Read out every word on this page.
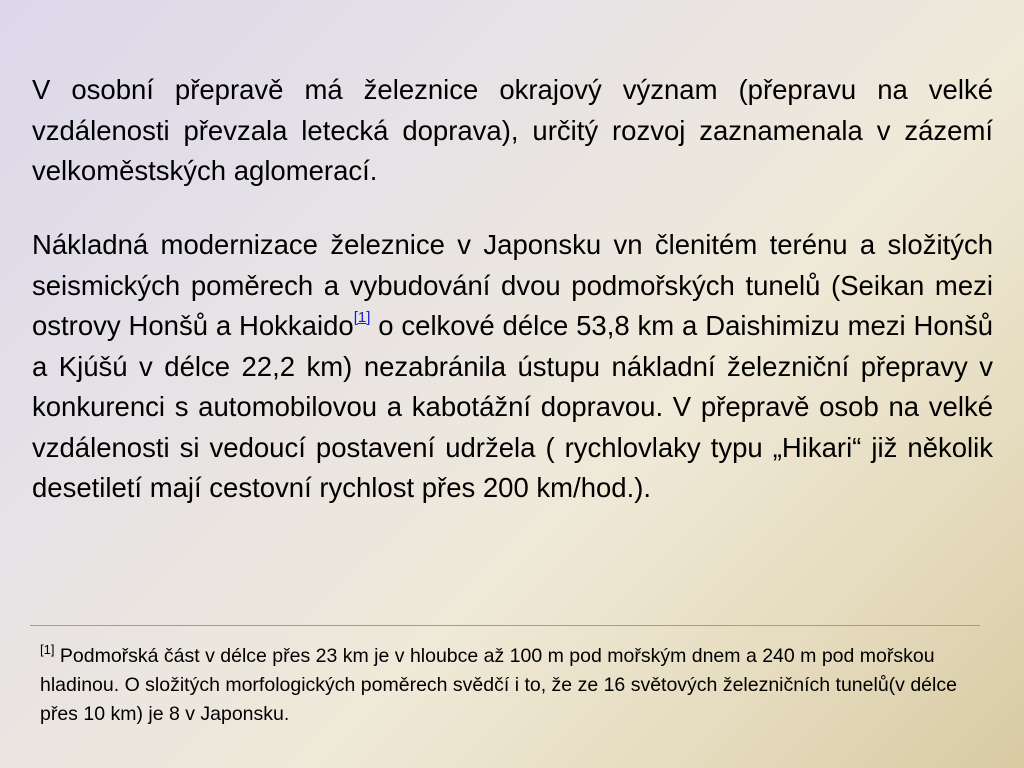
V osobní přepravě má železnice okrajový význam (přepravu na velké vzdálenosti převzala letecká doprava), určitý rozvoj zaznamenala v zázemí velkoměstských aglomerací.

Nákladná modernizace železnice v Japonsku vn členitém terénu a složitých seismických poměrech a vybudování dvou podmořských tunelů (Seikan mezi ostrovy Honšů a Hokkaido[1] o celkové délce 53,8 km a Daishimizu mezi Honšů a Kjúšú v délce 22,2 km) nezabránila ústupu nákladní železniční přepravy v konkurenci s automobilovou a kabotážní dopravou. V přepravě osob na velké vzdálenosti si vedoucí postavení udržela ( rychlovlaky typu „Hikari“ již několik desetiletí mají cestovní rychlost přes 200 km/hod.).

[1] Podmořská část v délce přes 23 km je v hloubce až 100 m pod mořským dnem a 240 m pod mořskou hladinou. O složitých morfologických poměrech svědčí i to, že ze 16 světových železničních tunelů(v délce přes 10 km) je 8 v Japonsku.
